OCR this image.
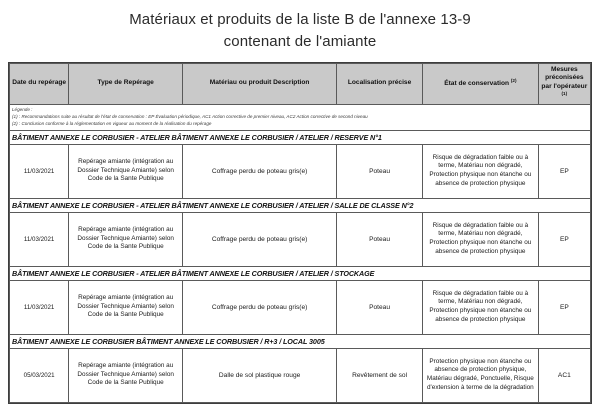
Matériaux et produits de la liste B de l'annexe 13-9
contenant de l'amiante
Date du repérage	Type de Repérage	Matériau ou produit Description	Localisation précise	État de conservation $^{(2)}$	Mesures préconisées par l'opérateur $^{(1)}$

Légende :
(1) : Recommandations suite au résultat de l'état de conservation : EP Évaluation périodique, AC1 Action corrective de premier niveau, AC2 Action corrective de second niveau
(2) : Conclusion conforme à la réglementation en vigueur au moment de la réalisation du repérage					

BÂTIMENT ANNEXE LE CORBUSIER - ATELIER BÂTIMENT ANNEXE LE CORBUSIER / ATELIER / RESERVE N°1					
11/03/2021	Repérage amiante (intégration au Dossier Technique Amiante) selon Code de la Sante Publique	Coffrage perdu de poteau gris(e)	Poteau	Risque de dégradation faible ou à terme, Matériau non dégradé, Protection physique non étanche ou absence de protection physique	EP
BÂTIMENT ANNEXE LE CORBUSIER - ATELIER BÂTIMENT ANNEXE LE CORBUSIER / ATELIER / SALLE DE CLASSE N°2					
11/03/2021	Repérage amiante (intégration au Dossier Technique Amiante) selon Code de la Sante Publique	Coffrage perdu de poteau gris(e)	Poteau	Risque de dégradation faible ou à terme, Matériau non dégradé, Protection physique non étanche ou absence de protection physique	EP
BÂTIMENT ANNEXE LE CORBUSIER - ATELIER BÂTIMENT ANNEXE LE CORBUSIER / ATELIER / STOCKAGE					
11/03/2021	Repérage amiante (intégration au Dossier Technique Amiante) selon Code de la Sante Publique	Coffrage perdu de poteau gris(e)	Poteau	Risque de dégradation faible ou à terme, Matériau non dégradé, Protection physique non étanche ou absence de protection physique	EP
BÂTIMENT ANNEXE LE CORBUSIER BÂTIMENT ANNEXE LE CORBUSIER / R+3 / LOCAL 3005					
05/03/2021	Repérage amiante (intégration au Dossier Technique Amiante) selon Code de la Sante Publique	Dalle de sol plastique rouge	Revêtement de sol	Protection physique non étanche ou absence de protection physique, Matériau dégradé, Ponctuelle, Risque d'extension à terme de la dégradation	AC1
